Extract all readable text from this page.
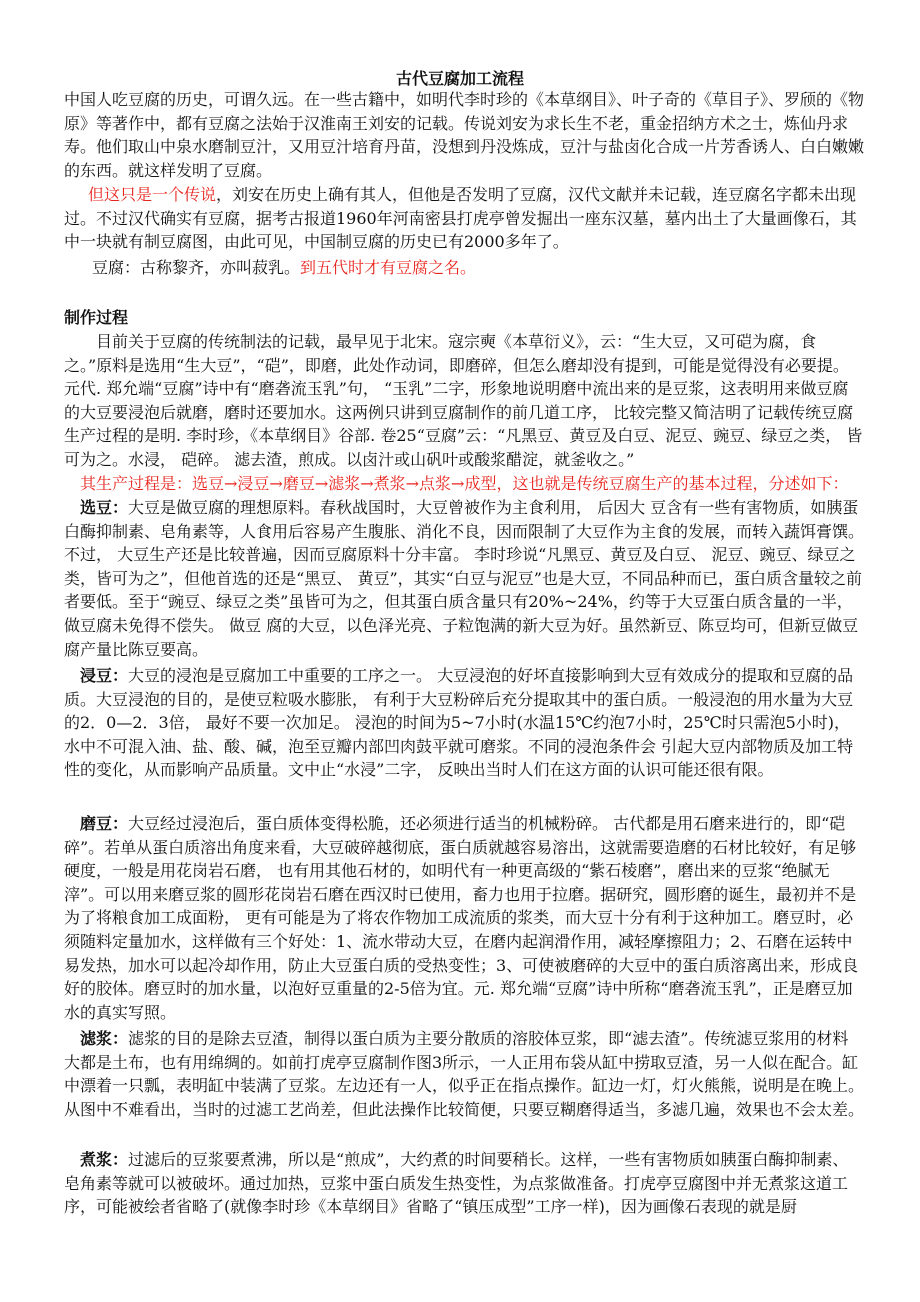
古代豆腐加工流程

中国人吃豆腐的历史，可谓久远。在一些古籍中，如明代李时珍的《本草纲目》、叶子奇的《草目子》、罗颀的《物原》等著作中，都有豆腐之法始于汉淮南王刘安的记载。传说刘安为求长生不老，重金招纳方术之士，炼仙丹求寿。他们取山中泉水磨制豆汁，又用豆汁培育丹苗，没想到丹没炼成，豆汁与盐卤化合成一片芳香诱人、白白嫩嫩的东西。就这样发明了豆腐。

但这只是一个传说，刘安在历史上确有其人，但他是否发明了豆腐，汉代文献并未记载，连豆腐名字都未出现过。不过汉代确实有豆腐，据考古报道1960年河南密县打虎亭曾发掘出一座东汉墓，墓内出土了大量画像石，其中一块就有制豆腐图，由此可见，中国制豆腐的历史已有2000多年了。

豆腐：古称黎齐，亦叫菽乳。到五代时才有豆腐之名。

制作过程

目前关于豆腐的传统制法的记载，最早见于北宋。寇宗奭《本草衍义》，云：“生大豆，又可硙为腐，食之。”原料是选用“生大豆”，“硙”，即磨，此处作动词，即磨碎，但怎么磨却没有提到，可能是觉得没有必要提。

元代. 郑允端“豆腐”诗中有“磨砻流玉乳”句， “玉乳”二字，形象地说明磨中流出来的是豆浆，这表明用来做豆腐的大豆要浸泡后就磨，磨时还要加水。这两例只讲到豆腐制作的前几道工序， 比较完整又简洁明了记载传统豆腐生产过程的是明. 李时珍，《本草纲目》谷部. 卷25“豆腐”云：“凡黑豆、黄豆及白豆、泥豆、豌豆、绿豆之类， 皆可为之。水浸， 硙碎。 滤去渣，煎成。以卤汁或山矾叶或酸浆醋淀，就釜收之。”

其生产过程是：选豆→浸豆→磨豆→滤浆→煮浆→点浆→成型，这也就是传统豆腐生产的基本过程，分述如下：

选豆：大豆是做豆腐的理想原料。春秋战国时，大豆曾被作为主食利用， 后因大 豆含有一些有害物质，如胰蛋白酶抑制素、皂角素等，人食用后容易产生腹胀、消化不良，因而限制了大豆作为主食的发展，而转入蔬饵膏馔。不过， 大豆生产还是比较普遍，因而豆腐原料十分丰富。 李时珍说“凡黑豆、黄豆及白豆、 泥豆、豌豆、绿豆之类，皆可为之”，但他首选的还是“黑豆、 黄豆”，其实“白豆与泥豆”也是大豆，不同品种而已，蛋白质含量较之前者要低。至于“豌豆、绿豆之类”虽皆可为之，但其蛋白质含量只有20%~24%，约等于大豆蛋白质含量的一半，做豆腐未免得不偿失。 做豆 腐的大豆，以色泽光亮、子粒饱满的新大豆为好。虽然新豆、陈豆均可，但新豆做豆腐产量比陈豆要高。

浸豆：大豆的浸泡是豆腐加工中重要的工序之一。 大豆浸泡的好坏直接影响到大豆有效成分的提取和豆腐的品质。大豆浸泡的目的，是使豆粒吸水膨胀， 有利于大豆粉碎后充分提取其中的蛋白质。一般浸泡的用水量为大豆的2．0—2．3倍， 最好不要一次加足。 浸泡的时间为5~7小时(水温15℃约泡7小时，25℃时只需泡5小时)， 水中不可混入油、盐、酸、碱，泡至豆瓣内部凹肉鼓平就可磨浆。不同的浸泡条件会 引起大豆内部物质及加工特性的变化，从而影响产品质量。文中止“水浸”二字， 反映出当时人们在这方面的认识可能还很有限。

磨豆：大豆经过浸泡后，蛋白质体变得松脆，还必须进行适当的机械粉碎。 古代都是用石磨来进行的，即“硙碎”。若单从蛋白质溶出角度来看，大豆破碎越彻底，蛋白质就越容易溶出，这就需要造磨的石材比较好，有足够硬度，一般是用花岗岩石磨， 也有用其他石材的，如明代有一种更高级的“紫石棱磨”，磨出来的豆浆“绝腻无滓”。可以用来磨豆浆的圆形花岗岩石磨在西汉时已使用，畜力也用于拉磨。据研究，圆形磨的诞生，最初并不是为了将粮食加工成面粉， 更有可能是为了将农作物加工成流质的浆类，而大豆十分有利于这种加工。磨豆时，必须随料定量加水，这样做有三个好处：1、流水带动大豆，在磨内起润滑作用，减轻摩擦阻力；2、石磨在运转中易发热，加水可以起冷却作用，防止大豆蛋白质的受热变性；3、可使被磨碎的大豆中的蛋白质溶离出来，形成良好的胶体。磨豆时的加水量，以泡好豆重量的2-5倍为宜。元. 郑允端“豆腐”诗中所称“磨砻流玉乳”，正是磨豆加水的真实写照。

滤浆：滤浆的目的是除去豆渣，制得以蛋白质为主要分散质的溶胶体豆浆，即“滤去渣”。传统滤豆浆用的材料大都是土布，也有用绵绸的。如前打虎亭豆腐制作图3所示，一人正用布袋从缸中捞取豆渣，另一人似在配合。缸中漂着一只瓢，表明缸中装满了豆浆。左边还有一人，似乎正在指点操作。缸边一灯，灯火熊熊，说明是在晚上。从图中不难看出，当时的过滤工艺尚差，但此法操作比较简便，只要豆糊磨得适当，多滤几遍，效果也不会太差。

煮浆：过滤后的豆浆要煮沸，所以是“煎成”，大约煮的时间要稍长。这样，一些有害物质如胰蛋白酶抑制素、皂角素等就可以被破坏。通过加热，豆浆中蛋白质发生热变性，为点浆做准备。打虎亭豆腐图中并无煮浆这道工序，可能被绘者省略了(就像李时珍《本草纲目》省略了“镇压成型”工序一样)，因为画像石表现的就是厨
